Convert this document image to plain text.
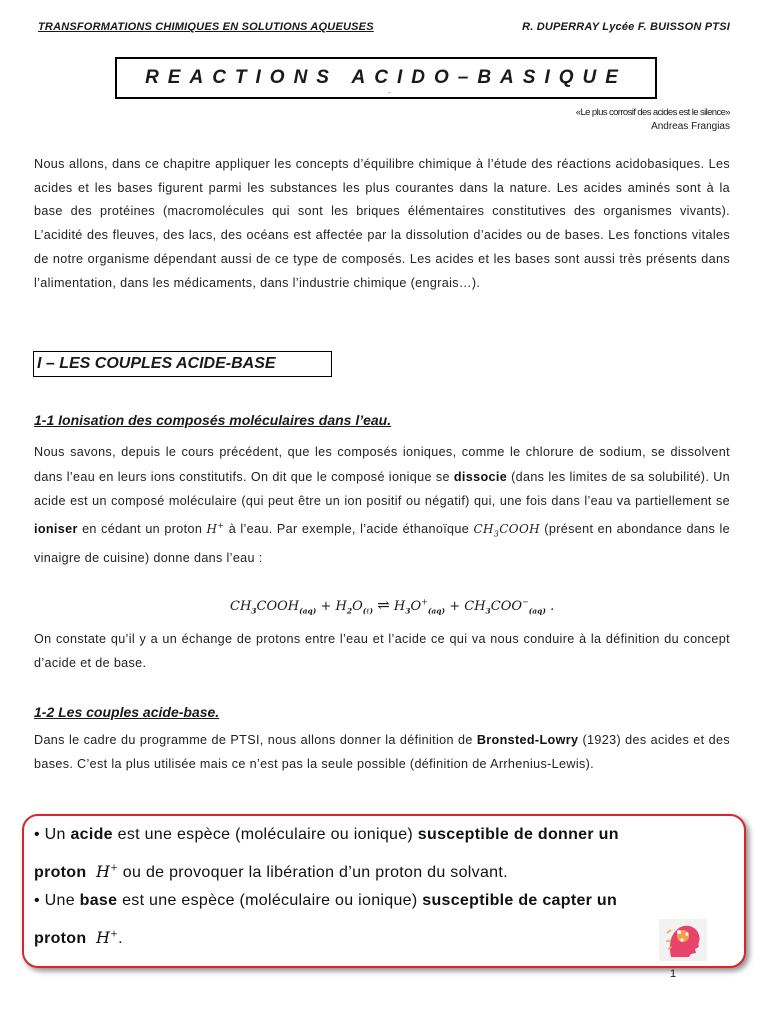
TRANSFORMATIONS CHIMIQUES EN SOLUTIONS AQUEUSES	R. DUPERRAY Lycée F. BUISSON PTSI
REACTIONS ACIDO–BASIQUE
-
«Le plus corrosif des acides est le silence»
Andreas Frangias
Nous allons, dans ce chapitre appliquer les concepts d’équilibre chimique à l’étude des réactions acidobasiques. Les acides et les bases figurent parmi les substances les plus courantes dans la nature. Les acides aminés sont à la base des protéines (macromolécules qui sont les briques élémentaires constitutives des organismes vivants). L’acidité des fleuves, des lacs, des océans est affectée par la dissolution d’acides ou de bases. Les fonctions vitales de notre organisme dépendant aussi de ce type de composés. Les acides et les bases sont aussi très présents dans l’alimentation, dans les médicaments, dans l’industrie chimique (engrais…).
I – LES COUPLES ACIDE-BASE
1-1 Ionisation des composés moléculaires dans l’eau.
Nous savons, depuis le cours précédent, que les composés ioniques, comme le chlorure de sodium, se dissolvent dans l’eau en leurs ions constitutifs. On dit que le composé ionique se dissocie (dans les limites de sa solubilité). Un acide est un composé moléculaire (qui peut être un ion positif ou négatif) qui, une fois dans l’eau va partiellement se ioniser en cédant un proton H+ à l’eau. Par exemple, l’acide éthanoïque $CH_3COOH$ (présent en abondance dans le vinaigre de cuisine) donne dans l’eau :
$CH_3COOH_{(aq)} + H_2O_{(\ell)}$ ⇌ $H_3O^+_{(aq)} + CH_3COO^-_{(aq)}$ .
On constate qu’il y a un échange de protons entre l’eau et l’acide ce qui va nous conduire à la définition du concept d’acide et de base.
1-2 Les couples acide-base.
Dans le cadre du programme de PTSI, nous allons donner la définition de Bronsted-Lowry (1923) des acides et des bases. C’est la plus utilisée mais ce n’est pas la seule possible (définition de Arrhenius-Lewis).
• Un acide est une espèce (moléculaire ou ionique) susceptible de donner un
proton H+ ou de provoquer la libération d’un proton du solvant.
• Une base est une espèce (moléculaire ou ionique) susceptible de capter un
proton H+.
1
